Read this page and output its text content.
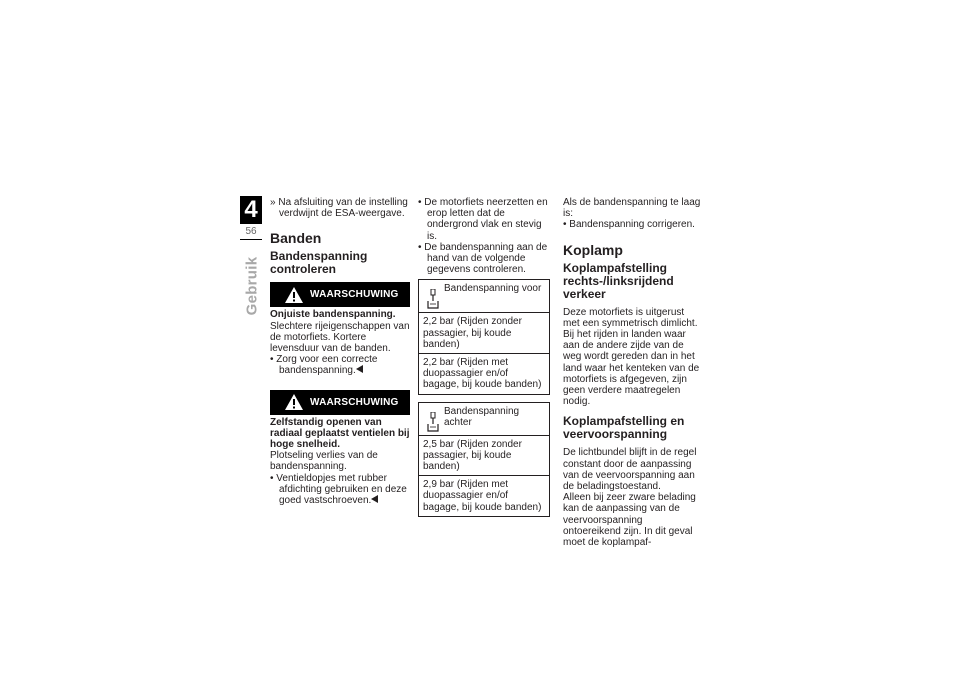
4
56
Gebruik

» Na afsluiting van de instelling verdwijnt de ESA-weergave.

Banden
Bandenspanning controleren
WAARSCHUWING

Onjuiste bandenspanning.

Slechtere rijeigenschappen van de motorfiets. Kortere levensduur van de banden.

• Zorg voor een correcte bandenspanning.

WAARSCHUWING

Zelfstandig openen van radiaal geplaatst ventielen bij hoge snelheid.

Plotseling verlies van de bandenspanning.

• Ventieldopjes met rubber afdichting gebruiken en deze goed vastschroeven.

• De motorfiets neerzetten en erop letten dat de ondergrond vlak en stevig is.

• De bandenspanning aan de hand van de volgende gegevens controleren.

Bandenspanning voor
2,2 bar (Rijden zonder passagier, bij koude banden)
2,2 bar (Rijden met duopassagier en/of bagage, bij koude banden)
Bandenspanning achter
2,5 bar (Rijden zonder passagier, bij koude banden)
2,9 bar (Rijden met duopassagier en/of bagage, bij koude banden)

Als de bandenspanning te laag is:

• Bandenspanning corrigeren.

Koplamp
Koplampafstelling rechts-/linksrijdend verkeer

Deze motorfiets is uitgerust met een symmetrisch dimlicht. Bij het rijden in landen waar aan de andere zijde van de weg wordt gereden dan in het land waar het kenteken van de motorfiets is afgegeven, zijn geen verdere maatregelen nodig.

Koplampafstelling en veervoorspanning

De lichtbundel blijft in de regel constant door de aanpassing van de veervoorspanning aan de beladingstoestand.

Alleen bij zeer zware belading kan de aanpassing van de veervoorspanning ontoereikend zijn. In dit geval moet de koplampaf-
